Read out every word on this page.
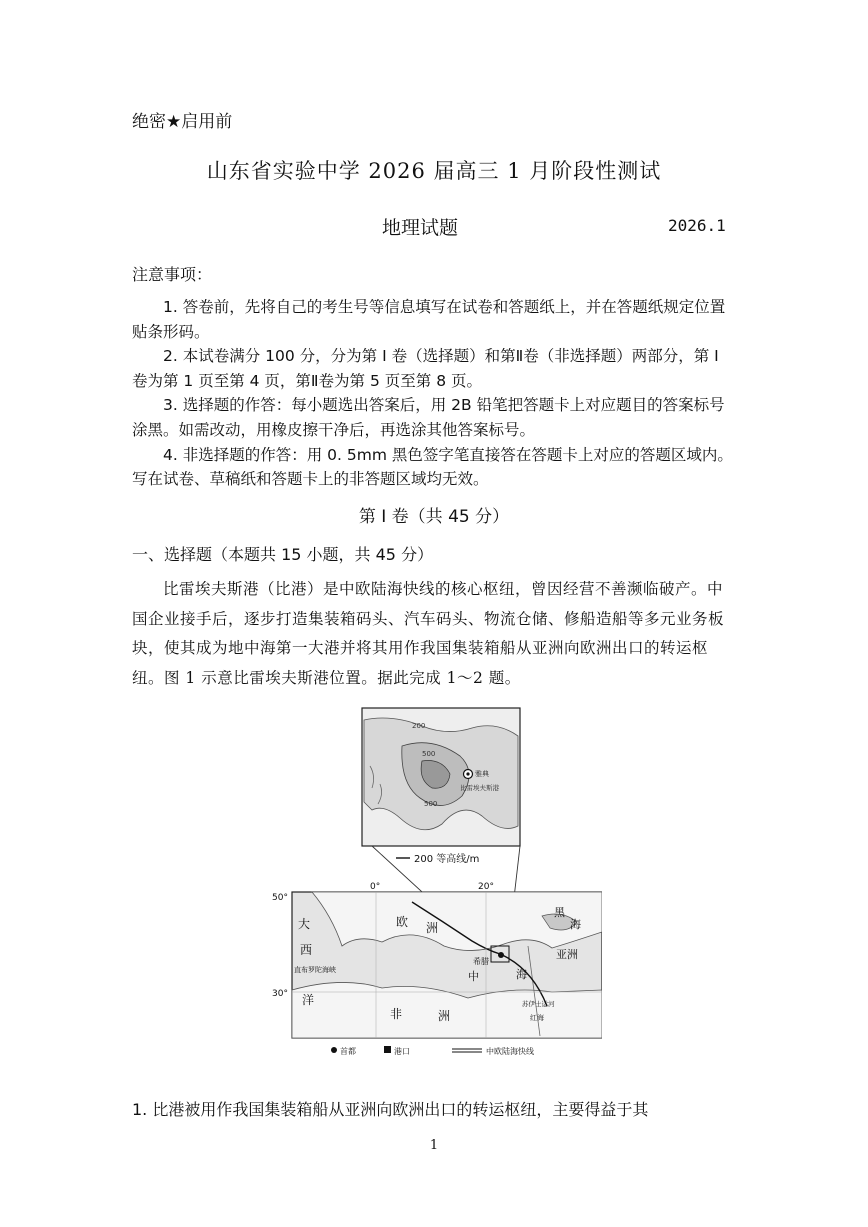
绝密★启用前
山东省实验中学 2026 届高三 1 月阶段性测试
地理试题	2026.1
注意事项：

1. 答卷前，先将自己的考生号等信息填写在试卷和答题纸上，并在答题纸规定位置贴条形码。

2. 本试卷满分 100 分，分为第 I 卷（选择题）和第Ⅱ卷（非选择题）两部分，第 I 卷为第 1 页至第 4 页，第Ⅱ卷为第 5 页至第 8 页。

3. 选择题的作答：每小题选出答案后，用 2B 铅笔把答题卡上对应题目的答案标号涂黑。如需改动，用橡皮擦干净后，再选涂其他答案标号。

4. 非选择题的作答：用 0. 5mm 黑色签字笔直接答在答题卡上对应的答题区域内。写在试卷、草稿纸和答题卡上的非答题区域均无效。

第 I 卷（共 45 分）
一、选择题（本题共 15 小题，共 45 分）

比雷埃夫斯港（比港）是中欧陆海快线的核心枢纽，曾因经营不善濒临破产。中国企业接手后，逐步打造集装箱码头、汽车码头、物流仓储、修船造船等多元业务板块，使其成为地中海第一大港并将其用作我国集装箱船从亚洲向欧洲出口的转运枢纽。图 1 示意比雷埃夫斯港位置。据此完成 1～2 题。

200
500
500
雅典
比雷埃夫斯港
200 等高线/m
0°	20°
50°
30°
大
西
洋
欧 洲
黑
海
亚洲
中	海
非	洲
直布罗陀海峡
希腊
苏伊士运河
红海
首都	港口	中欧陆海快线
1. 比港被用作我国集装箱船从亚洲向欧洲出口的转运枢纽，主要得益于其
1
